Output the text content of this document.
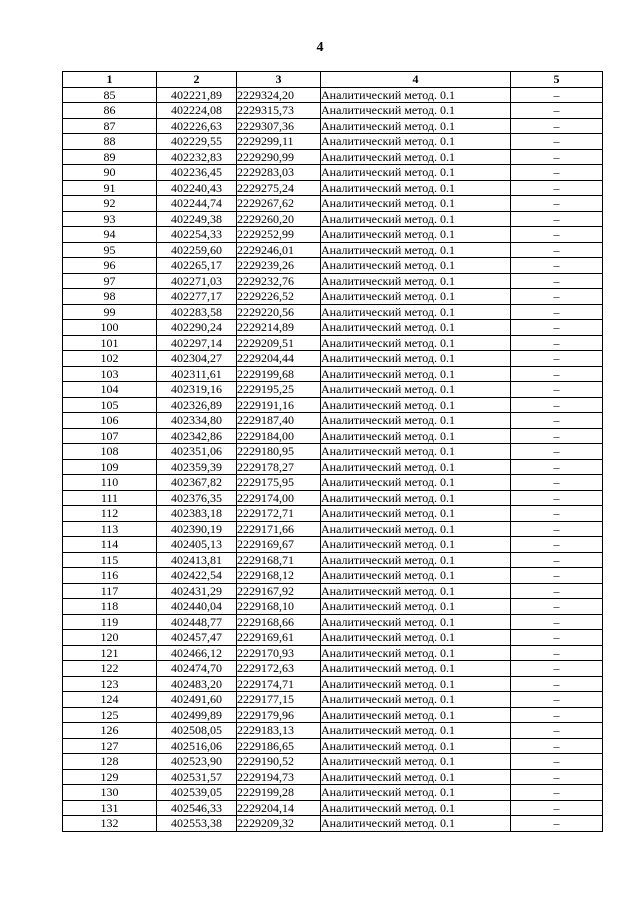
4
1	2	3	4	5
85	402221,89	2229324,20	Аналитический метод. 0.1	–
86	402224,08	2229315,73	Аналитический метод. 0.1	–
87	402226,63	2229307,36	Аналитический метод. 0.1	–
88	402229,55	2229299,11	Аналитический метод. 0.1	–
89	402232,83	2229290,99	Аналитический метод. 0.1	–
90	402236,45	2229283,03	Аналитический метод. 0.1	–
91	402240,43	2229275,24	Аналитический метод. 0.1	–
92	402244,74	2229267,62	Аналитический метод. 0.1	–
93	402249,38	2229260,20	Аналитический метод. 0.1	–
94	402254,33	2229252,99	Аналитический метод. 0.1	–
95	402259,60	2229246,01	Аналитический метод. 0.1	–
96	402265,17	2229239,26	Аналитический метод. 0.1	–
97	402271,03	2229232,76	Аналитический метод. 0.1	–
98	402277,17	2229226,52	Аналитический метод. 0.1	–
99	402283,58	2229220,56	Аналитический метод. 0.1	–
100	402290,24	2229214,89	Аналитический метод. 0.1	–
101	402297,14	2229209,51	Аналитический метод. 0.1	–
102	402304,27	2229204,44	Аналитический метод. 0.1	–
103	402311,61	2229199,68	Аналитический метод. 0.1	–
104	402319,16	2229195,25	Аналитический метод. 0.1	–
105	402326,89	2229191,16	Аналитический метод. 0.1	–
106	402334,80	2229187,40	Аналитический метод. 0.1	–
107	402342,86	2229184,00	Аналитический метод. 0.1	–
108	402351,06	2229180,95	Аналитический метод. 0.1	–
109	402359,39	2229178,27	Аналитический метод. 0.1	–
110	402367,82	2229175,95	Аналитический метод. 0.1	–
111	402376,35	2229174,00	Аналитический метод. 0.1	–
112	402383,18	2229172,71	Аналитический метод. 0.1	–
113	402390,19	2229171,66	Аналитический метод. 0.1	–
114	402405,13	2229169,67	Аналитический метод. 0.1	–
115	402413,81	2229168,71	Аналитический метод. 0.1	–
116	402422,54	2229168,12	Аналитический метод. 0.1	–
117	402431,29	2229167,92	Аналитический метод. 0.1	–
118	402440,04	2229168,10	Аналитический метод. 0.1	–
119	402448,77	2229168,66	Аналитический метод. 0.1	–
120	402457,47	2229169,61	Аналитический метод. 0.1	–
121	402466,12	2229170,93	Аналитический метод. 0.1	–
122	402474,70	2229172,63	Аналитический метод. 0.1	–
123	402483,20	2229174,71	Аналитический метод. 0.1	–
124	402491,60	2229177,15	Аналитический метод. 0.1	–
125	402499,89	2229179,96	Аналитический метод. 0.1	–
126	402508,05	2229183,13	Аналитический метод. 0.1	–
127	402516,06	2229186,65	Аналитический метод. 0.1	–
128	402523,90	2229190,52	Аналитический метод. 0.1	–
129	402531,57	2229194,73	Аналитический метод. 0.1	–
130	402539,05	2229199,28	Аналитический метод. 0.1	–
131	402546,33	2229204,14	Аналитический метод. 0.1	–
132	402553,38	2229209,32	Аналитический метод. 0.1	–
